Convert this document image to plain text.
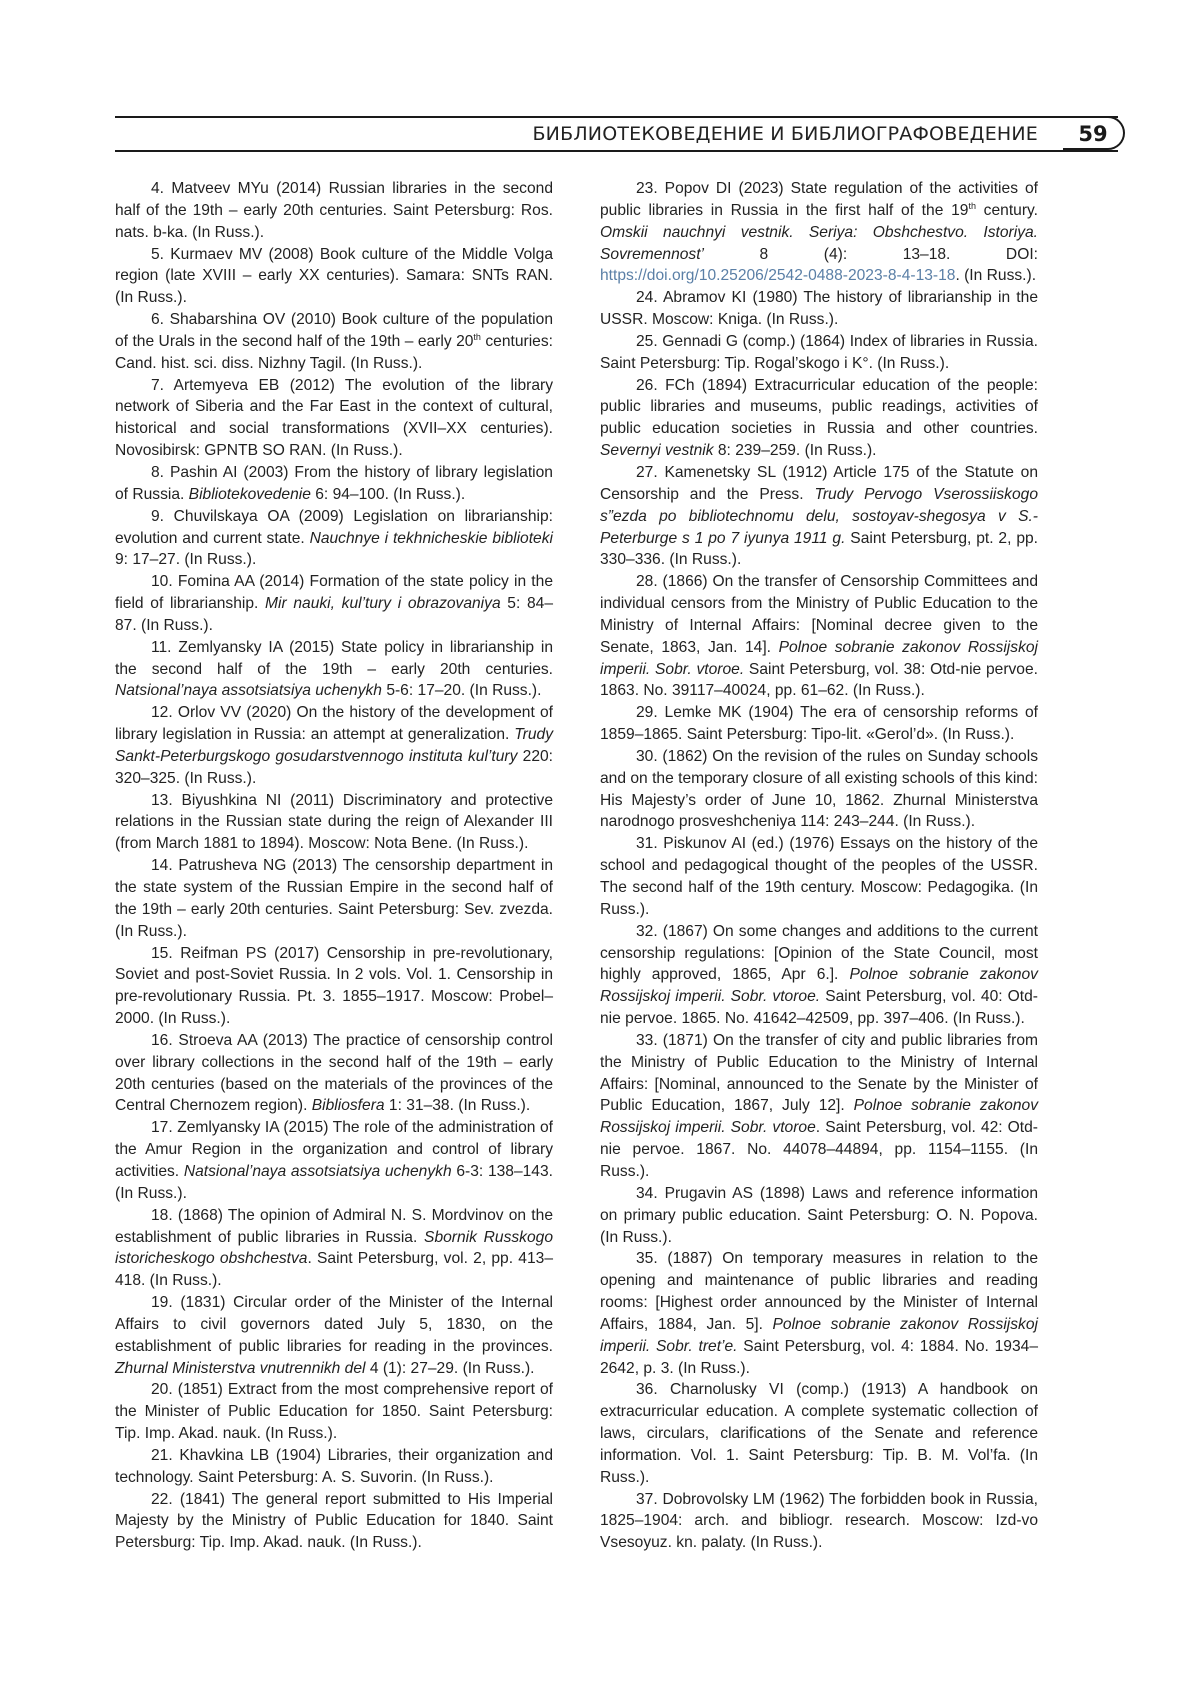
БИБЛИОТЕКОВЕДЕНИЕ И БИБЛИОГРАФОВЕДЕНИЕ	59

4. Matveev MYu (2014) Russian libraries in the second half of the 19th – early 20th centuries. Saint Petersburg: Ros. nats. b-ka. (In Russ.).

5. Kurmaev MV (2008) Book culture of the Middle Volga region (late XVIII – early XX centuries). Samara: SNTs RAN. (In Russ.).

6. Shabarshina OV (2010) Book culture of the population of the Urals in the second half of the 19th – early 20th centuries: Cand. hist. sci. diss. Nizhny Tagil. (In Russ.).

7. Artemyeva EB (2012) The evolution of the library network of Siberia and the Far East in the context of cultural, historical and social transformations (XVII–XX centuries). Novosibirsk: GPNTB SO RAN. (In Russ.).

8. Pashin AI (2003) From the history of library legislation of Russia. Bibliotekovedenie 6: 94–100. (In Russ.).

9. Chuvilskaya OA (2009) Legislation on librarianship: evolution and current state. Nauchnye i tekhnicheskie biblioteki 9: 17–27. (In Russ.).

10. Fomina AA (2014) Formation of the state policy in the field of librarianship. Mir nauki, kul’tury i obrazovaniya 5: 84–87. (In Russ.).

11. Zemlyansky IA (2015) State policy in librarianship in the second half of the 19th – early 20th centuries. Natsional’naya assotsiatsiya uchenykh 5-6: 17–20. (In Russ.).

12. Orlov VV (2020) On the history of the development of library legislation in Russia: an attempt at generalization. Trudy Sankt-Peterburgskogo gosudarstvennogo instituta kul’tury 220: 320–325. (In Russ.).

13. Biyushkina NI (2011) Discriminatory and protective relations in the Russian state during the reign of Alexander III (from March 1881 to 1894). Moscow: Nota Bene. (In Russ.).

14. Patrusheva NG (2013) The censorship department in the state system of the Russian Empire in the second half of the 19th – early 20th centuries. Saint Petersburg: Sev. zvezda. (In Russ.).

15. Reifman PS (2017) Censorship in pre-revolutionary, Soviet and post-Soviet Russia. In 2 vols. Vol. 1. Censorship in pre-revolutionary Russia. Pt. 3. 1855–1917. Moscow: Probel–2000. (In Russ.).

16. Stroeva AA (2013) The practice of censorship control over library collections in the second half of the 19th – early 20th centuries (based on the materials of the provinces of the Central Chernozem region). Bibliosfera 1: 31–38. (In Russ.).

17. Zemlyansky IA (2015) The role of the administration of the Amur Region in the organization and control of library activities. Natsional’naya assotsiatsiya uchenykh 6-3: 138–143. (In Russ.).

18. (1868) The opinion of Admiral N. S. Mordvinov on the establishment of public libraries in Russia. Sbornik Russkogo istoricheskogo obshchestva. Saint Petersburg, vol. 2, pp. 413–418. (In Russ.).

19. (1831) Circular order of the Minister of the Internal Affairs to civil governors dated July 5, 1830, on the establishment of public libraries for reading in the provinces. Zhurnal Ministerstva vnutrennikh del 4 (1): 27–29. (In Russ.).

20. (1851) Extract from the most comprehensive report of the Minister of Public Education for 1850. Saint Petersburg: Tip. Imp. Akad. nauk. (In Russ.).

21. Khavkina LB (1904) Libraries, their organization and technology. Saint Petersburg: A. S. Suvorin. (In Russ.).

22. (1841) The general report submitted to His Imperial Majesty by the Ministry of Public Education for 1840. Saint Petersburg: Tip. Imp. Akad. nauk. (In Russ.).

23. Popov DI (2023) State regulation of the activities of public libraries in Russia in the first half of the 19th century. Omskii nauchnyi vestnik. Seriya: Obshchestvo. Istoriya. Sovremennost’ 8 (4): 13–18. DOI: https://doi.org/10.25206/2542-0488-2023-8-4-13-18. (In Russ.).

24. Abramov KI (1980) The history of librarianship in the USSR. Moscow: Kniga. (In Russ.).

25. Gennadi G (comp.) (1864) Index of libraries in Russia. Saint Petersburg: Tip. Rogal’skogo i K°. (In Russ.).

26. FCh (1894) Extracurricular education of the people: public libraries and museums, public readings, activities of public education societies in Russia and other countries. Severnyi vestnik 8: 239–259. (In Russ.).

27. Kamenetsky SL (1912) Article 175 of the Statute on Censorship and the Press. Trudy Pervogo Vserossiiskogo s”ezda po bibliotechnomu delu, sostoyav-shegosya v S.-Peterburge s 1 po 7 iyunya 1911 g. Saint Petersburg, pt. 2, pp. 330–336. (In Russ.).

28. (1866) On the transfer of Censorship Committees and individual censors from the Ministry of Public Education to the Ministry of Internal Affairs: [Nominal decree given to the Senate, 1863, Jan. 14]. Polnoe sobranie zakonov Rossijskoj imperii. Sobr. vtoroe. Saint Petersburg, vol. 38: Otd-nie pervoe. 1863. No. 39117–40024, pp. 61–62. (In Russ.).

29. Lemke MK (1904) The era of censorship reforms of 1859–1865. Saint Petersburg: Tipo-lit. «Gerol’d». (In Russ.).

30. (1862) On the revision of the rules on Sunday schools and on the temporary closure of all existing schools of this kind: His Majesty’s order of June 10, 1862. Zhurnal Ministerstva narodnogo prosveshcheniya 114: 243–244. (In Russ.).

31. Piskunov AI (ed.) (1976) Essays on the history of the school and pedagogical thought of the peoples of the USSR. The second half of the 19th century. Moscow: Pedagogika. (In Russ.).

32. (1867) On some changes and additions to the current censorship regulations: [Opinion of the State Council, most highly approved, 1865, Apr 6.]. Polnoe sobranie zakonov Rossijskoj imperii. Sobr. vtoroe. Saint Petersburg, vol. 40: Otd-nie pervoe. 1865. No. 41642–42509, pp. 397–406. (In Russ.).

33. (1871) On the transfer of city and public libraries from the Ministry of Public Education to the Ministry of Internal Affairs: [Nominal, announced to the Senate by the Minister of Public Education, 1867, July 12]. Polnoe sobranie zakonov Rossijskoj imperii. Sobr. vtoroe. Saint Petersburg, vol. 42: Otd-nie pervoe. 1867. No. 44078–44894, pp. 1154–1155. (In Russ.).

34. Prugavin AS (1898) Laws and reference information on primary public education. Saint Petersburg: O. N. Popova. (In Russ.).

35. (1887) On temporary measures in relation to the opening and maintenance of public libraries and reading rooms: [Highest order announced by the Minister of Internal Affairs, 1884, Jan. 5]. Polnoe sobranie zakonov Rossijskoj imperii. Sobr. tret’e. Saint Petersburg, vol. 4: 1884. No. 1934–2642, p. 3. (In Russ.).

36. Charnolusky VI (comp.) (1913) A handbook on extracurricular education. A complete systematic collection of laws, circulars, clarifications of the Senate and reference information. Vol. 1. Saint Petersburg: Tip. B. M. Vol’fa. (In Russ.).

37. Dobrovolsky LM (1962) The forbidden book in Russia, 1825–1904: arch. and bibliogr. research. Moscow: Izd-vo Vsesoyuz. kn. palaty. (In Russ.).
